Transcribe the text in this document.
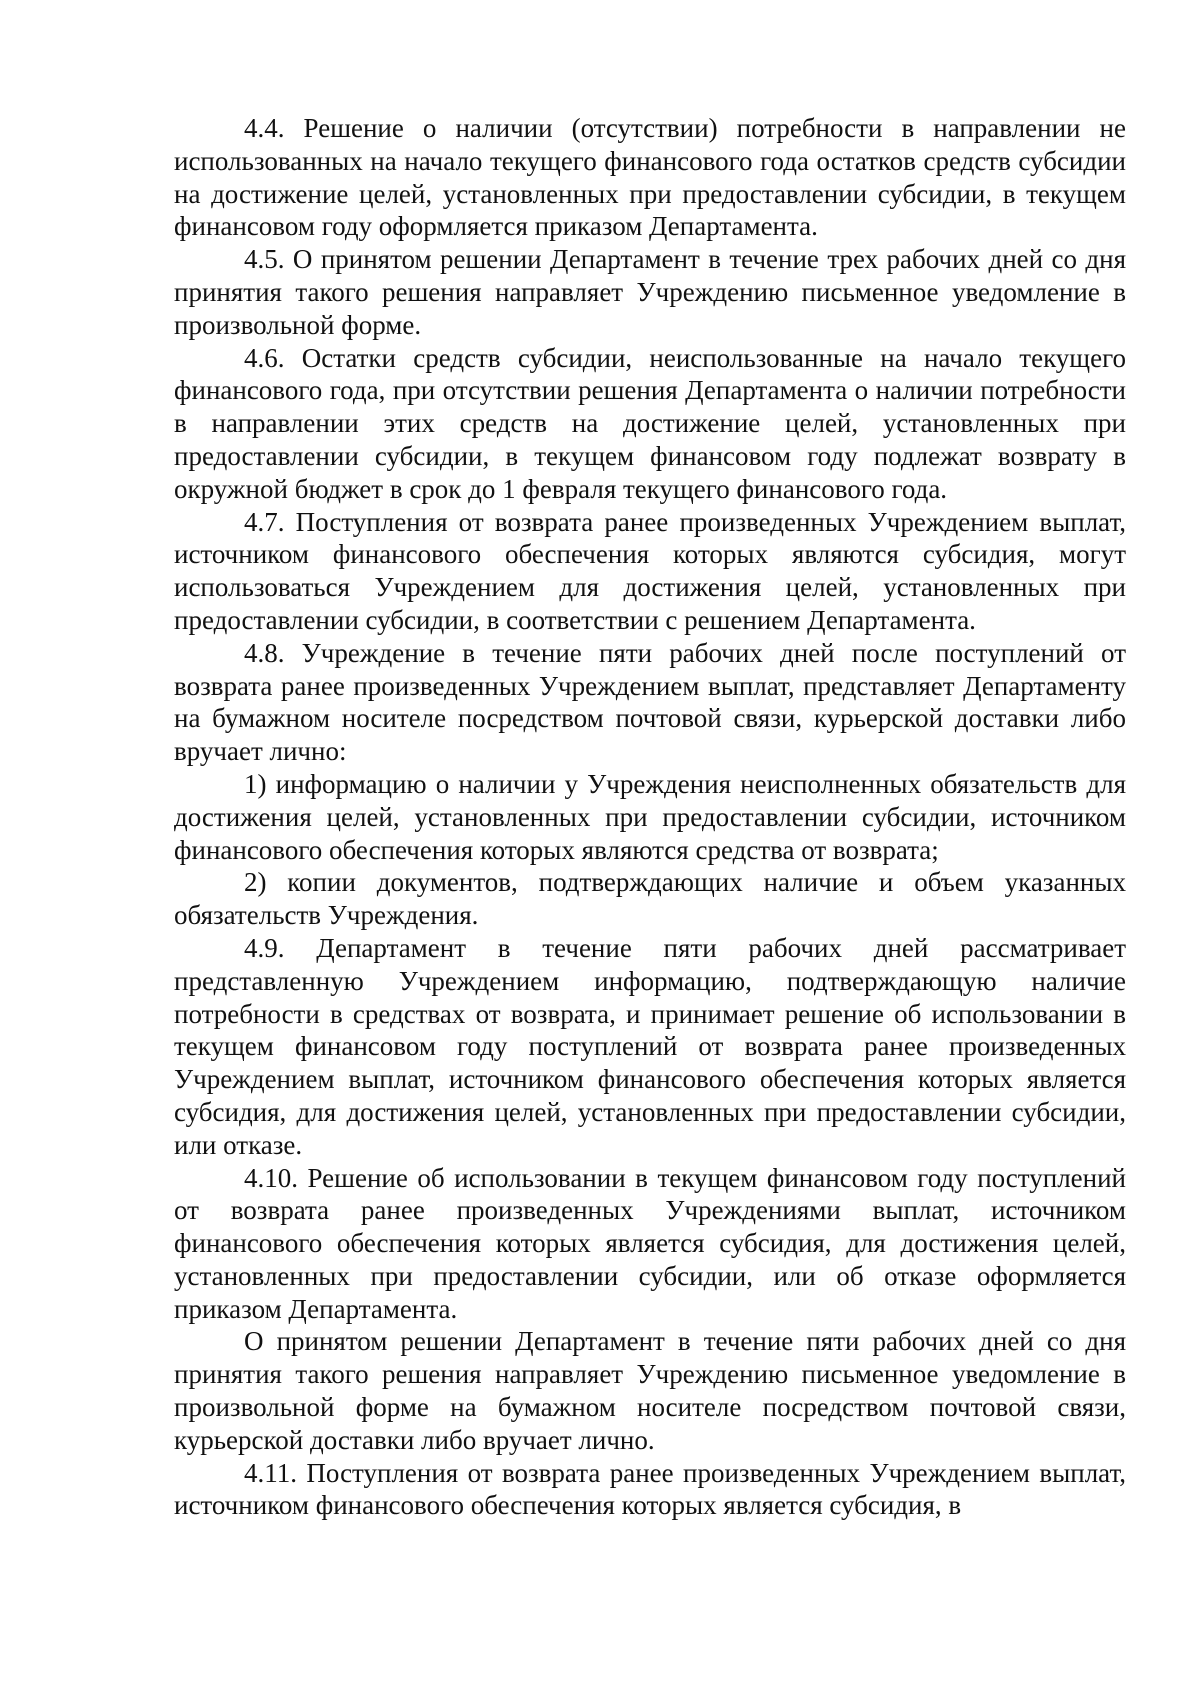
4.4. Решение о наличии (отсутствии) потребности в направлении не использованных на начало текущего финансового года остатков средств субсидии на достижение целей, установленных при предоставлении субсидии, в текущем финансовом году оформляется приказом Департамента.

4.5. О принятом решении Департамент в течение трех рабочих дней со дня принятия такого решения направляет Учреждению письменное уведомление в произвольной форме.

4.6. Остатки средств субсидии, неиспользованные на начало текущего финансового года, при отсутствии решения Департамента о наличии потребности в направлении этих средств на достижение целей, установленных при предоставлении субсидии, в текущем финансовом году подлежат возврату в окружной бюджет в срок до 1 февраля текущего финансового года.

4.7. Поступления от возврата ранее произведенных Учреждением выплат, источником финансового обеспечения которых являются субсидия, могут использоваться Учреждением для достижения целей, установленных при предоставлении субсидии, в соответствии с решением Департамента.

4.8. Учреждение в течение пяти рабочих дней после поступлений от возврата ранее произведенных Учреждением выплат, представляет Департаменту на бумажном носителе посредством почтовой связи, курьерской доставки либо вручает лично:

1) информацию о наличии у Учреждения неисполненных обязательств для достижения целей, установленных при предоставлении субсидии, источником финансового обеспечения которых являются средства от возврата;

2) копии документов, подтверждающих наличие и объем указанных обязательств Учреждения.

4.9. Департамент в течение пяти рабочих дней рассматривает представленную Учреждением информацию, подтверждающую наличие потребности в средствах от возврата, и принимает решение об использовании в текущем финансовом году поступлений от возврата ранее произведенных Учреждением выплат, источником финансового обеспечения которых является субсидия, для достижения целей, установленных при предоставлении субсидии, или отказе.

4.10. Решение об использовании в текущем финансовом году поступлений от возврата ранее произведенных Учреждениями выплат, источником финансового обеспечения которых является субсидия, для достижения целей, установленных при предоставлении субсидии, или об отказе оформляется приказом Департамента.

О принятом решении Департамент в течение пяти рабочих дней со дня принятия такого решения направляет Учреждению письменное уведомление в произвольной форме на бумажном носителе посредством почтовой связи, курьерской доставки либо вручает лично.

4.11. Поступления от возврата ранее произведенных Учреждением выплат, источником финансового обеспечения которых является субсидия, в
